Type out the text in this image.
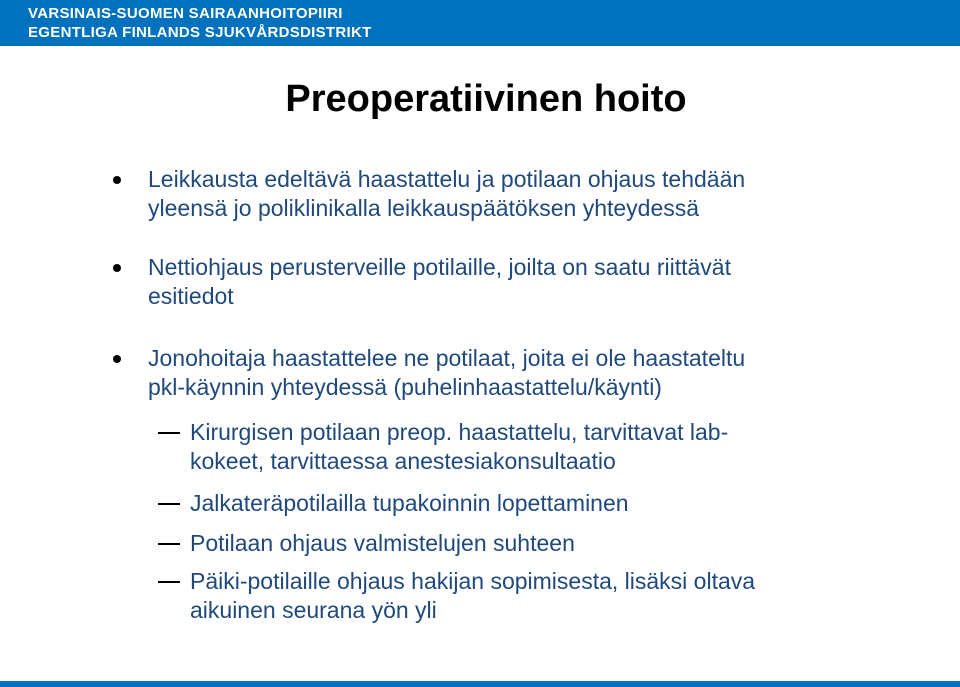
VARSINAIS-SUOMEN SAIRAANHOITOPIIRI
EGENTLIGA FINLANDS SJUKVÅRDSDISTRIKT
Preoperatiivinen hoito
Leikkausta edeltävä haastattelu ja potilaan ohjaus tehdään
yleensä jo poliklinikalla leikkauspäätöksen yhteydessä
Nettiohjaus perusterveille potilaille, joilta on saatu riittävät
esitiedot
Jonohoitaja haastattelee ne potilaat, joita ei ole haastateltu
pkl-käynnin yhteydessä (puhelinhaastattelu/käynti)
Kirurgisen potilaan preop. haastattelu, tarvittavat lab-
kokeet, tarvittaessa anestesiakonsultaatio
Jalkateräpotilailla tupakoinnin lopettaminen
Potilaan ohjaus valmistelujen suhteen
Päiki-potilaille ohjaus hakijan sopimisesta, lisäksi oltava
aikuinen seurana yön yli
